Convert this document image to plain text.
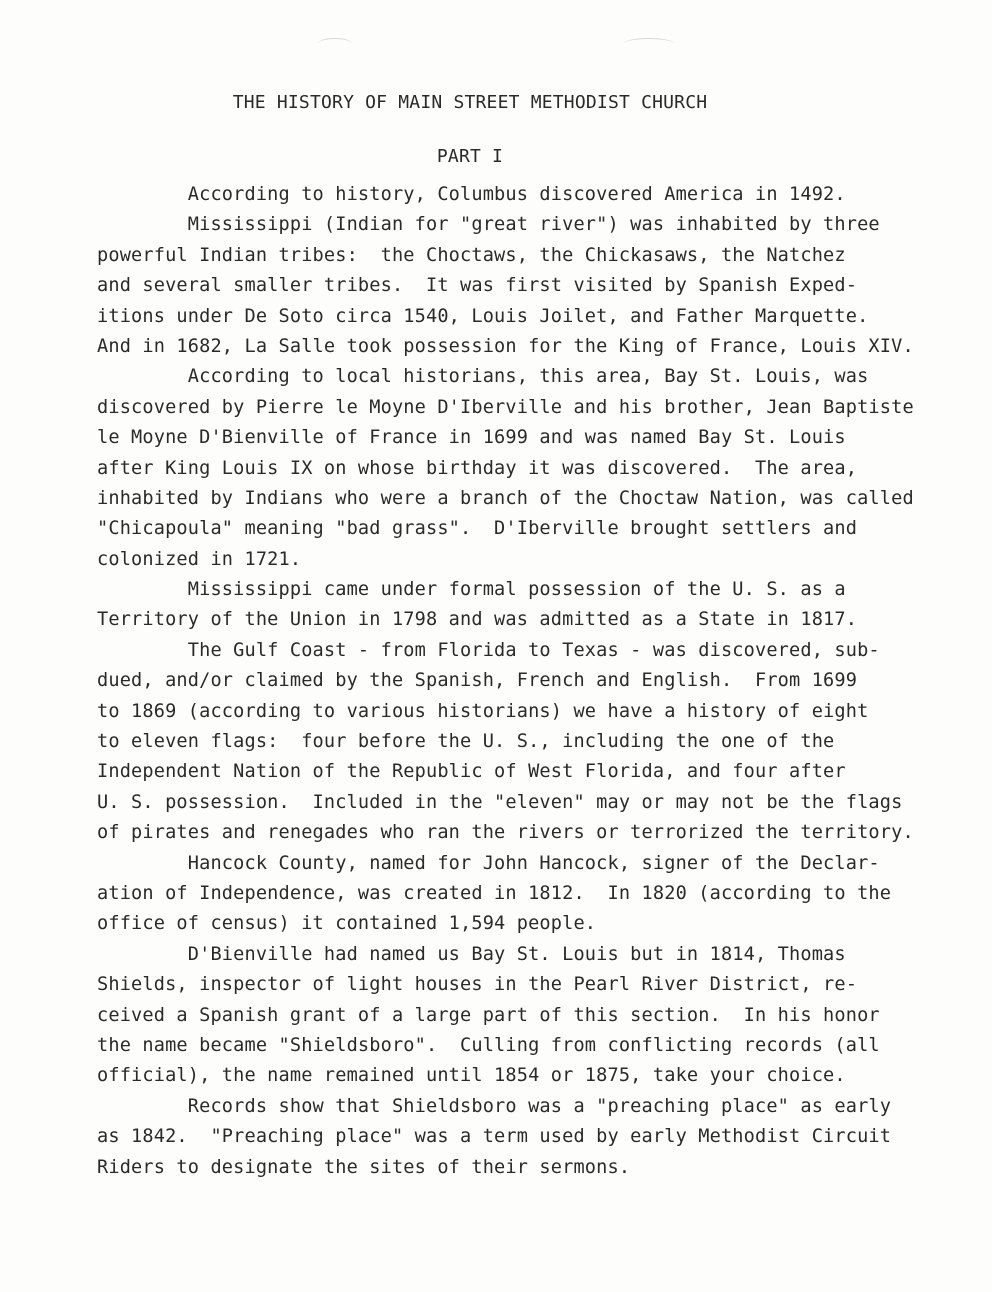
THE HISTORY OF MAIN STREET METHODIST CHURCH
PART I
According to history, Columbus discovered America in 1492.
Mississippi (Indian for "great river") was inhabited by three
powerful Indian tribes:  the Choctaws, the Chickasaws, the Natchez
and several smaller tribes.  It was first visited by Spanish Exped-
itions under De Soto circa 1540, Louis Joilet, and Father Marquette.
And in 1682, La Salle took possession for the King of France, Louis XIV.
According to local historians, this area, Bay St. Louis, was
discovered by Pierre le Moyne D'Iberville and his brother, Jean Baptiste
le Moyne D'Bienville of France in 1699 and was named Bay St. Louis
after King Louis IX on whose birthday it was discovered.  The area,
inhabited by Indians who were a branch of the Choctaw Nation, was called
"Chicapoula" meaning "bad grass".  D'Iberville brought settlers and
colonized in 1721.
Mississippi came under formal possession of the U. S. as a
Territory of the Union in 1798 and was admitted as a State in 1817.
The Gulf Coast - from Florida to Texas - was discovered, sub-
dued, and/or claimed by the Spanish, French and English.  From 1699
to 1869 (according to various historians) we have a history of eight
to eleven flags:  four before the U. S., including the one of the
Independent Nation of the Republic of West Florida, and four after
U. S. possession.  Included in the "eleven" may or may not be the flags
of pirates and renegades who ran the rivers or terrorized the territory.
Hancock County, named for John Hancock, signer of the Declar-
ation of Independence, was created in 1812.  In 1820 (according to the
office of census) it contained 1,594 people.
D'Bienville had named us Bay St. Louis but in 1814, Thomas
Shields, inspector of light houses in the Pearl River District, re-
ceived a Spanish grant of a large part of this section.  In his honor
the name became "Shieldsboro".  Culling from conflicting records (all
official), the name remained until 1854 or 1875, take your choice.
Records show that Shieldsboro was a "preaching place" as early
as 1842.  "Preaching place" was a term used by early Methodist Circuit
Riders to designate the sites of their sermons.
